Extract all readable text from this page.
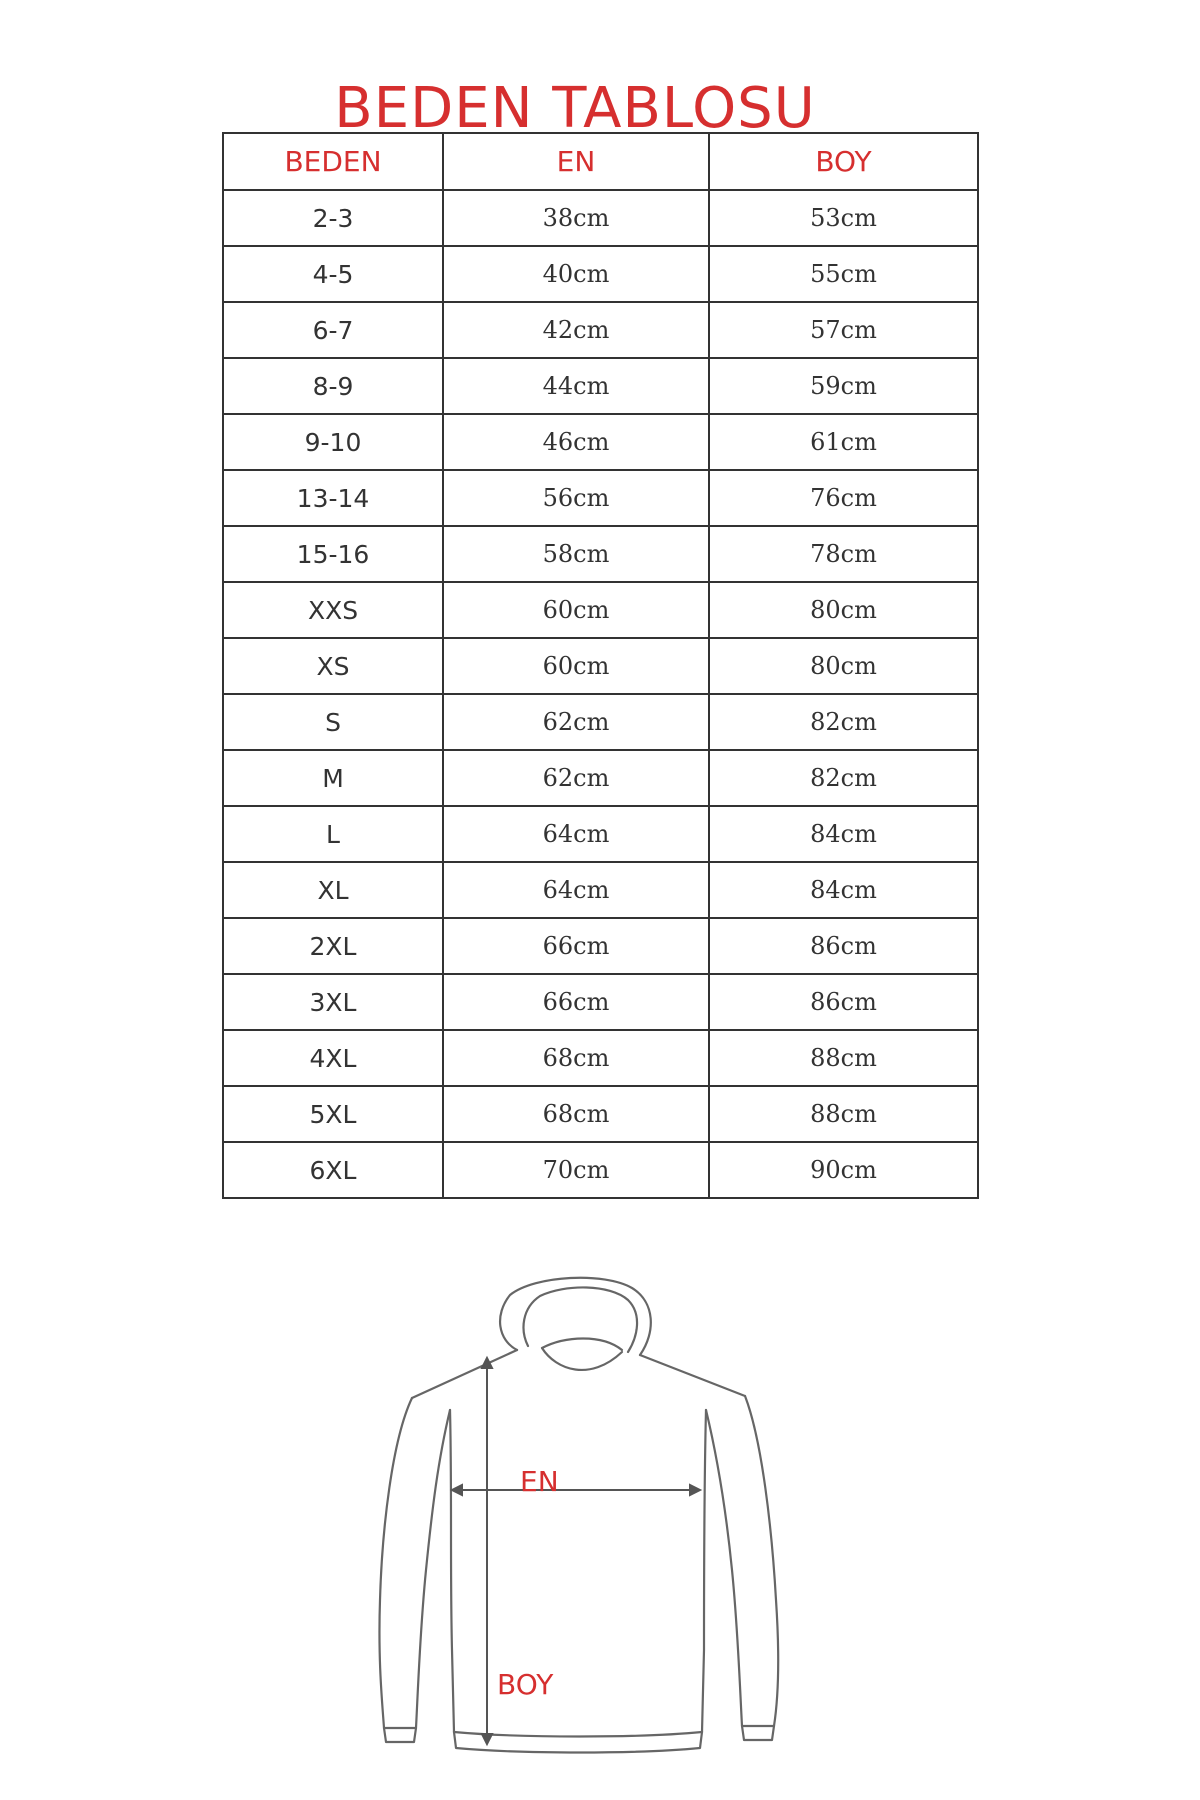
BEDEN TABLOSU
BEDEN	EN	BOY
2-3	38cm	53cm
4-5	40cm	55cm
6-7	42cm	57cm
8-9	44cm	59cm
9-10	46cm	61cm
13-14	56cm	76cm
15-16	58cm	78cm
XXS	60cm	80cm
XS	60cm	80cm
S	62cm	82cm
M	62cm	82cm
L	64cm	84cm
XL	64cm	84cm
2XL	66cm	86cm
3XL	66cm	86cm
4XL	68cm	88cm
5XL	68cm	88cm
6XL	70cm	90cm
EN
BOY
